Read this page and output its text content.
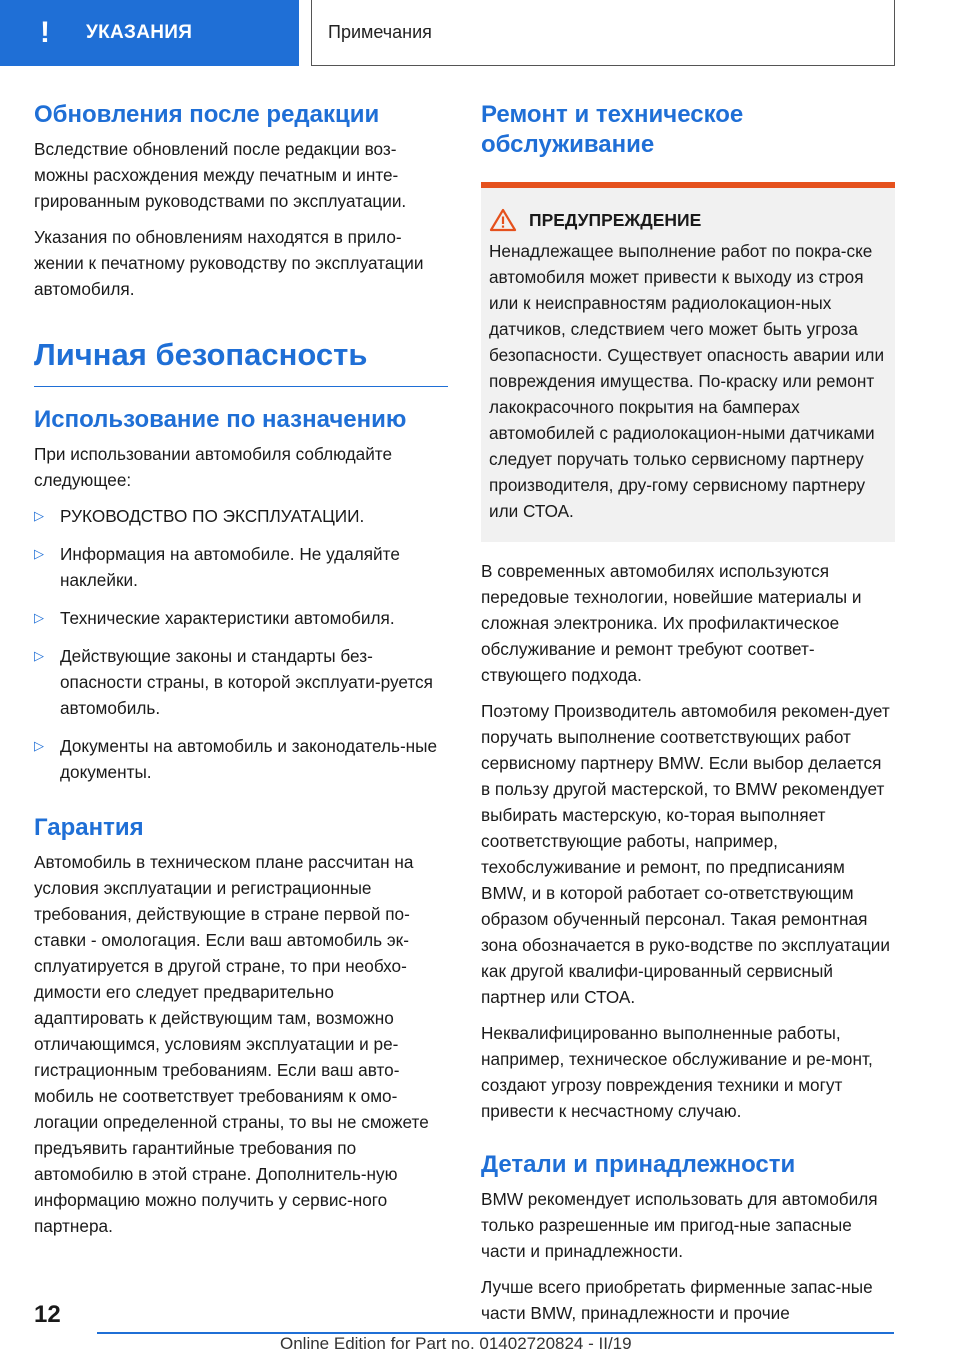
!	УКАЗАНИЯ	Примечания
Обновления после редакции

Вследствие обновлений после редакции воз-можны расхождения между печатным и инте-грированным руководствами по эксплуатации.

Указания по обновлениям находятся в прило-жении к печатному руководству по эксплуатации автомобиля.

Личная безопасность
Использование по назначению

При использовании автомобиля соблюдайте следующее:

▷ РУКОВОДСТВО ПО ЭКСПЛУАТАЦИИ.
▷ Информация на автомобиле. Не удаляйте наклейки.
▷ Технические характеристики автомобиля.
▷ Действующие законы и стандарты без-опасности страны, в которой эксплуати-руется автомобиль.
▷ Документы на автомобиль и законодатель-ные документы.
Гарантия

Автомобиль в техническом плане рассчитан на условия эксплуатации и регистрационные требования, действующие в стране первой по-ставки - омологация. Если ваш автомобиль эк-сплуатируется в другой стране, то при необхо-димости его следует предварительно адаптировать к действующим там, возможно отличающимся, условиям эксплуатации и ре-гистрационным требованиям. Если ваш авто-мобиль не соответствует требованиям к омо-логации определенной страны, то вы не сможете предъявить гарантийные требования по автомобилю в этой стране. Дополнитель-ную информацию можно получить у сервис-ного партнера.

Ремонт и техническое обслуживание
ПРЕДУПРЕЖДЕНИЕ

Ненадлежащее выполнение работ по покра-ске автомобиля может привести к выходу из строя или к неисправностям радиолокацион-ных датчиков, следствием чего может быть угроза безопасности. Существует опасность аварии или повреждения имущества. По-краску или ремонт лакокрасочного покрытия на бамперах автомобилей с радиолокацион-ными датчиками следует поручать только сервисному партнеру производителя, дру-гому сервисному партнеру или СТОА.

В современных автомобилях используются передовые технологии, новейшие материалы и сложная электроника. Их профилактическое обслуживание и ремонт требуют соответ-ствующего подхода.

Поэтому Производитель автомобиля рекомен-дует поручать выполнение соответствующих работ сервисному партнеру BMW. Если выбор делается в пользу другой мастерской, то BMW рекомендует выбирать мастерскую, ко-торая выполняет соответствующие работы, например, техобслуживание и ремонт, по предписаниям BMW, и в которой работает со-ответствующим образом обученный персонал. Такая ремонтная зона обозначается в руко-водстве по эксплуатации как другой квалифи-цированный сервисный партнер или СТОА.

Неквалифицированно выполненные работы, например, техническое обслуживание и ре-монт, создают угрозу повреждения техники и могут привести к несчастному случаю.

Детали и принадлежности

BMW рекомендует использовать для автомобиля только разрешенные им пригод-ные запасные части и принадлежности.

Лучше всего приобретать фирменные запас-ные части BMW, принадлежности и прочие

12
Online Edition for Part no. 01402720824 - II/19
